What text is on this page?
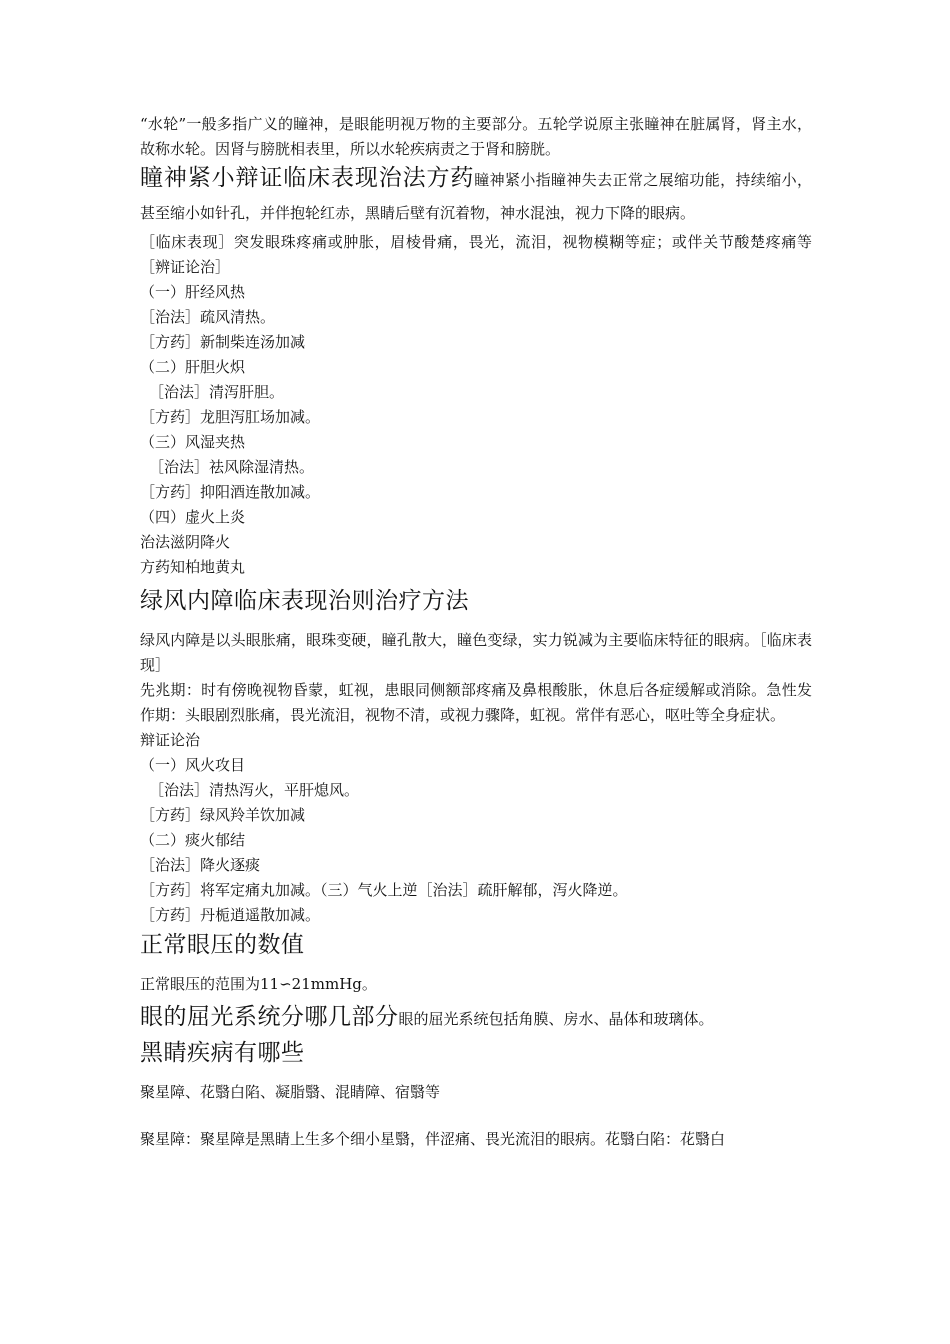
“水轮”一般多指广义的瞳神，是眼能明视万物的主要部分。五轮学说原主张瞳神在脏属肾，肾主水，故称水轮。因肾与膀胱相表里，所以水轮疾病责之于肾和膀胱。

瞳神紧小辩证临床表现治法方药瞳神紧小指瞳神失去正常之展缩功能，持续缩小，甚至缩小如针孔，并伴抱轮红赤，黑睛后壁有沉着物，神水混浊，视力下降的眼病。

［临床表现］突发眼珠疼痛或肿胀，眉棱骨痛，畏光，流泪，视物模糊等症；或伴关节酸楚疼痛等［辨证论治］

（一）肝经风热

［治法］疏风清热。

［方药］新制柴连汤加减

（二）肝胆火炽

［治法］清泻肝胆。

［方药］龙胆泻肛场加减。

（三）风湿夹热

［治法］祛风除湿清热。

［方药］抑阳酒连散加减。

（四）虚火上炎

治法滋阴降火

方药知柏地黄丸

绿风内障临床表现治则治疗方法

绿风内障是以头眼胀痛，眼珠变硬，瞳孔散大，瞳色变绿，实力锐减为主要临床特征的眼病。［临床表现］

先兆期：时有傍晚视物昏蒙，虹视，患眼同侧额部疼痛及鼻根酸胀，休息后各症缓解或消除。急性发作期：头眼剧烈胀痛，畏光流泪，视物不清，或视力骤降，虹视。常伴有恶心，呕吐等全身症状。

辩证论治

（一）风火攻目

［治法］清热泻火，平肝熄风。

［方药］绿风羚羊饮加减

（二）痰火郁结

［治法］降火逐痰

［方药］将军定痛丸加减。（三）气火上逆［治法］疏肝解郁，泻火降逆。

［方药］丹栀逍遥散加减。

正常眼压的数值

正常眼压的范围为11∽21mmHg。

眼的屈光系统分哪几部分眼的屈光系统包括角膜、房水、晶体和玻璃体。

黑睛疾病有哪些

聚星障、花翳白陷、凝脂翳、混睛障、宿翳等

聚星障：聚星障是黑睛上生多个细小星翳，伴涩痛、畏光流泪的眼病。花翳白陷：花翳白
